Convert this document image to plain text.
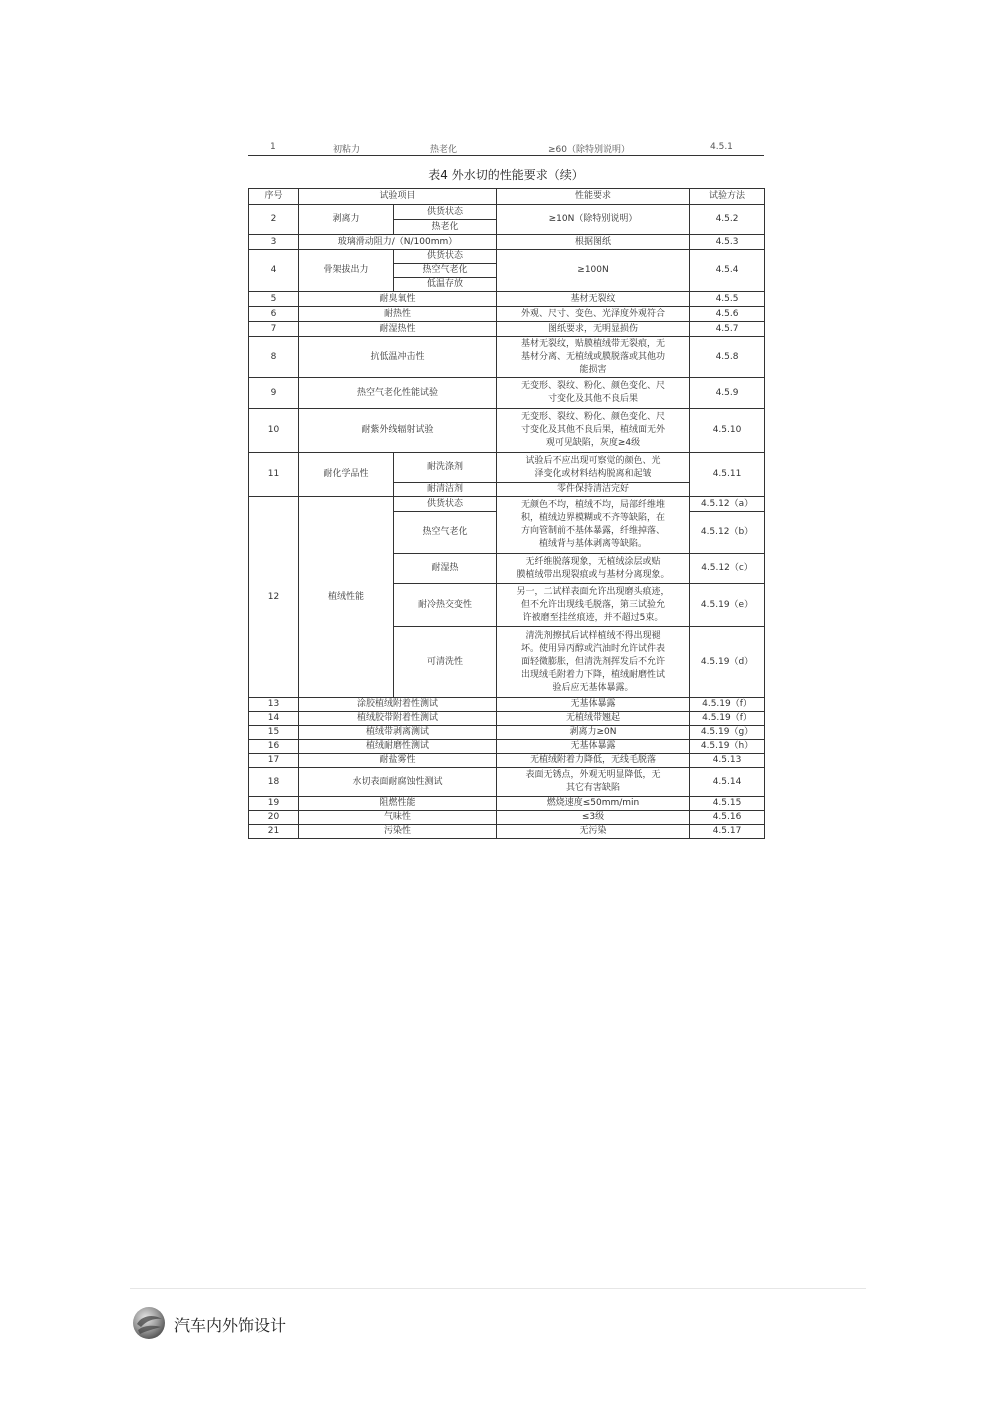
1	初粘力	热老化	≥60（除特别说明）	4.5.1
表4 外水切的性能要求（续）
序号	试验项目		性能要求	试验方法
2	剥离力	供货状态	≥10N（除特别说明）	4.5.2
		热老化		
3	玻璃滑动阻力/（N/100mm）		根据图纸	4.5.3
4	骨架拔出力	供货状态	≥100N	4.5.4
		热空气老化		
		低温存放		
5	耐臭氧性		基材无裂纹	4.5.5
6	耐热性		外观、尺寸、变色、光泽度外观符合	4.5.6
7	耐湿热性		图纸要求，无明显损伤	4.5.7
8	抗低温冲击性		基材无裂纹，贴膜植绒带无裂痕，无
基材分离、无植绒或膜脱落或其他功
能损害	4.5.8
9	热空气老化性能试验		无变形、裂纹、粉化、颜色变化、尺
寸变化及其他不良后果	4.5.9
10	耐紫外线辐射试验		无变形、裂纹、粉化、颜色变化、尺
寸变化及其他不良后果，植绒面无外
观可见缺陷，灰度≥4级	4.5.10
11	耐化学品性	耐洗涤剂	试验后不应出现可察觉的颜色、光
泽变化或材料结构脱离和起皱	4.5.11
		耐清洁剂	零件保持清洁完好	
12	植绒性能	供货状态	无颜色不均，植绒不均，局部纤维堆
积，植绒边界模糊或不齐等缺陷，在
方向管制前不基体暴露，纤维掉落、
植绒背与基体剥离等缺陷。	4.5.12（a）
		热空气老化		4.5.12（b）
		耐湿热	无纤维脱落现象，无植绒涂层或贴
膜植绒带出现裂痕或与基材分离现象。	4.5.12（c）
		耐冷热交变性	另一，二试样表面允许出现磨头痕迹，
但不允许出现线毛脱落，第三试验允
许被磨至挂丝痕迹，并不超过5束。	4.5.19（e）
		可清洗性	清洗剂擦拭后试样植绒不得出现褪
坏。使用异丙醇或汽油时允许试件表
面轻微膨胀，但清洗剂挥发后不允许
出现绒毛附着力下降，植绒耐磨性试
验后应无基体暴露。	4.5.19（d）

13	涂胶植绒附着性测试		无基体暴露	4.5.19（f）
14	植绒胶带附着性测试		无植绒带翘起	4.5.19（f）
15	植绒带剥离测试		剥离力≥0N	4.5.19（g）
16	植绒耐磨性测试		无基体暴露	4.5.19（h）
17	耐盐雾性		无植绒附着力降低，无线毛脱落	4.5.13
18	水切表面耐腐蚀性测试		表面无锈点，外观无明显降低，无
其它有害缺陷	4.5.14
19	阻燃性能		燃烧速度≤50mm/min	4.5.15
20	气味性		≤3级	4.5.16
21	污染性		无污染	4.5.17
汽车内外饰设计
